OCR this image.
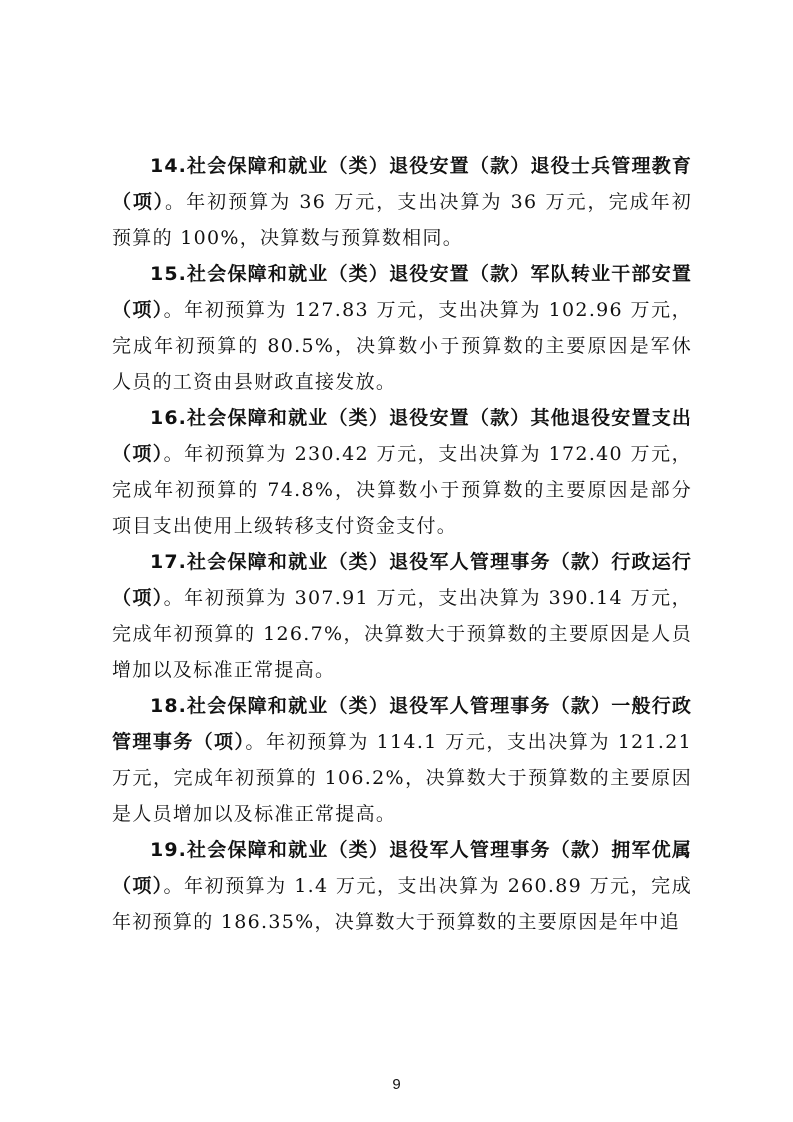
14.社会保障和就业（类）退役安置（款）退役士兵管理教育（项）。年初预算为 36 万元，支出决算为 36 万元，完成年初预算的 100%，决算数与预算数相同。

15.社会保障和就业（类）退役安置（款）军队转业干部安置（项）。年初预算为 127.83 万元，支出决算为 102.96 万元，完成年初预算的 80.5%，决算数小于预算数的主要原因是军休人员的工资由县财政直接发放。

16.社会保障和就业（类）退役安置（款）其他退役安置支出（项）。年初预算为 230.42 万元，支出决算为 172.40 万元，完成年初预算的 74.8%，决算数小于预算数的主要原因是部分项目支出使用上级转移支付资金支付。

17.社会保障和就业（类）退役军人管理事务（款）行政运行（项）。年初预算为 307.91 万元，支出决算为 390.14 万元，完成年初预算的 126.7%，决算数大于预算数的主要原因是人员增加以及标准正常提高。

18.社会保障和就业（类）退役军人管理事务（款）一般行政管理事务（项）。年初预算为 114.1 万元，支出决算为 121.21 万元，完成年初预算的 106.2%，决算数大于预算数的主要原因是人员增加以及标准正常提高。

19.社会保障和就业（类）退役军人管理事务（款）拥军优属（项）。年初预算为 1.4 万元，支出决算为 260.89 万元，完成年初预算的 186.35%，决算数大于预算数的主要原因是年中追

9
